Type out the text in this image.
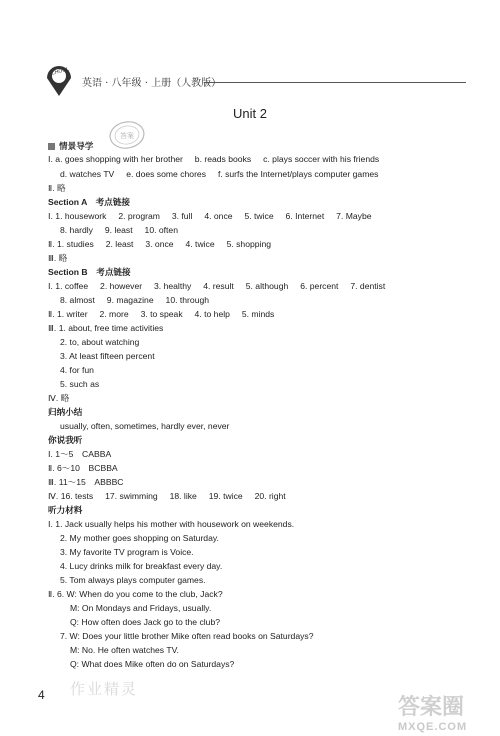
SCHOOL
英语 · 八年级 · 上册（人教版）
Unit 2
答案
情景导学
Ⅰ. a. goes shopping with her brother     b. reads books     c. plays soccer with his friends
d. watches TV     e. does some chores     f. surfs the Internet/plays computer games
Ⅱ. 略
Section A　考点链接
Ⅰ. 1. housework     2. program     3. full     4. once     5. twice     6. Internet     7. Maybe
8. hardly     9. least     10. often
Ⅱ. 1. studies     2. least     3. once     4. twice     5. shopping
Ⅲ. 略
Section B　考点链接
Ⅰ. 1. coffee     2. however     3. healthy     4. result     5. although     6. percent     7. dentist
8. almost     9. magazine     10. through
Ⅱ. 1. writer     2. more     3. to speak     4. to help     5. minds
Ⅲ. 1. about, free time activities
2. to, about watching
3. At least fifteen percent
4. for fun
5. such as
Ⅳ. 略
归纳小结
usually, often, sometimes, hardly ever, never
你说我听
Ⅰ. 1～5　CABBA
Ⅱ. 6～10　BCBBA
Ⅲ. 11～15　ABBBC
Ⅳ. 16. tests     17. swimming     18. like     19. twice     20. right
听力材料
Ⅰ. 1. Jack usually helps his mother with housework on weekends.
2. My mother goes shopping on Saturday.
3. My favorite TV program is Voice.
4. Lucy drinks milk for breakfast every day.
5. Tom always plays computer games.
Ⅱ. 6. W: When do you come to the club, Jack?
M: On Mondays and Fridays, usually.
Q: How often does Jack go to the club?
7. W: Does your little brother Mike often read books on Saturdays?
M: No. He often watches TV.
Q: What does Mike often do on Saturdays?
4 作业精灵
答案圈
MXQE.COM
